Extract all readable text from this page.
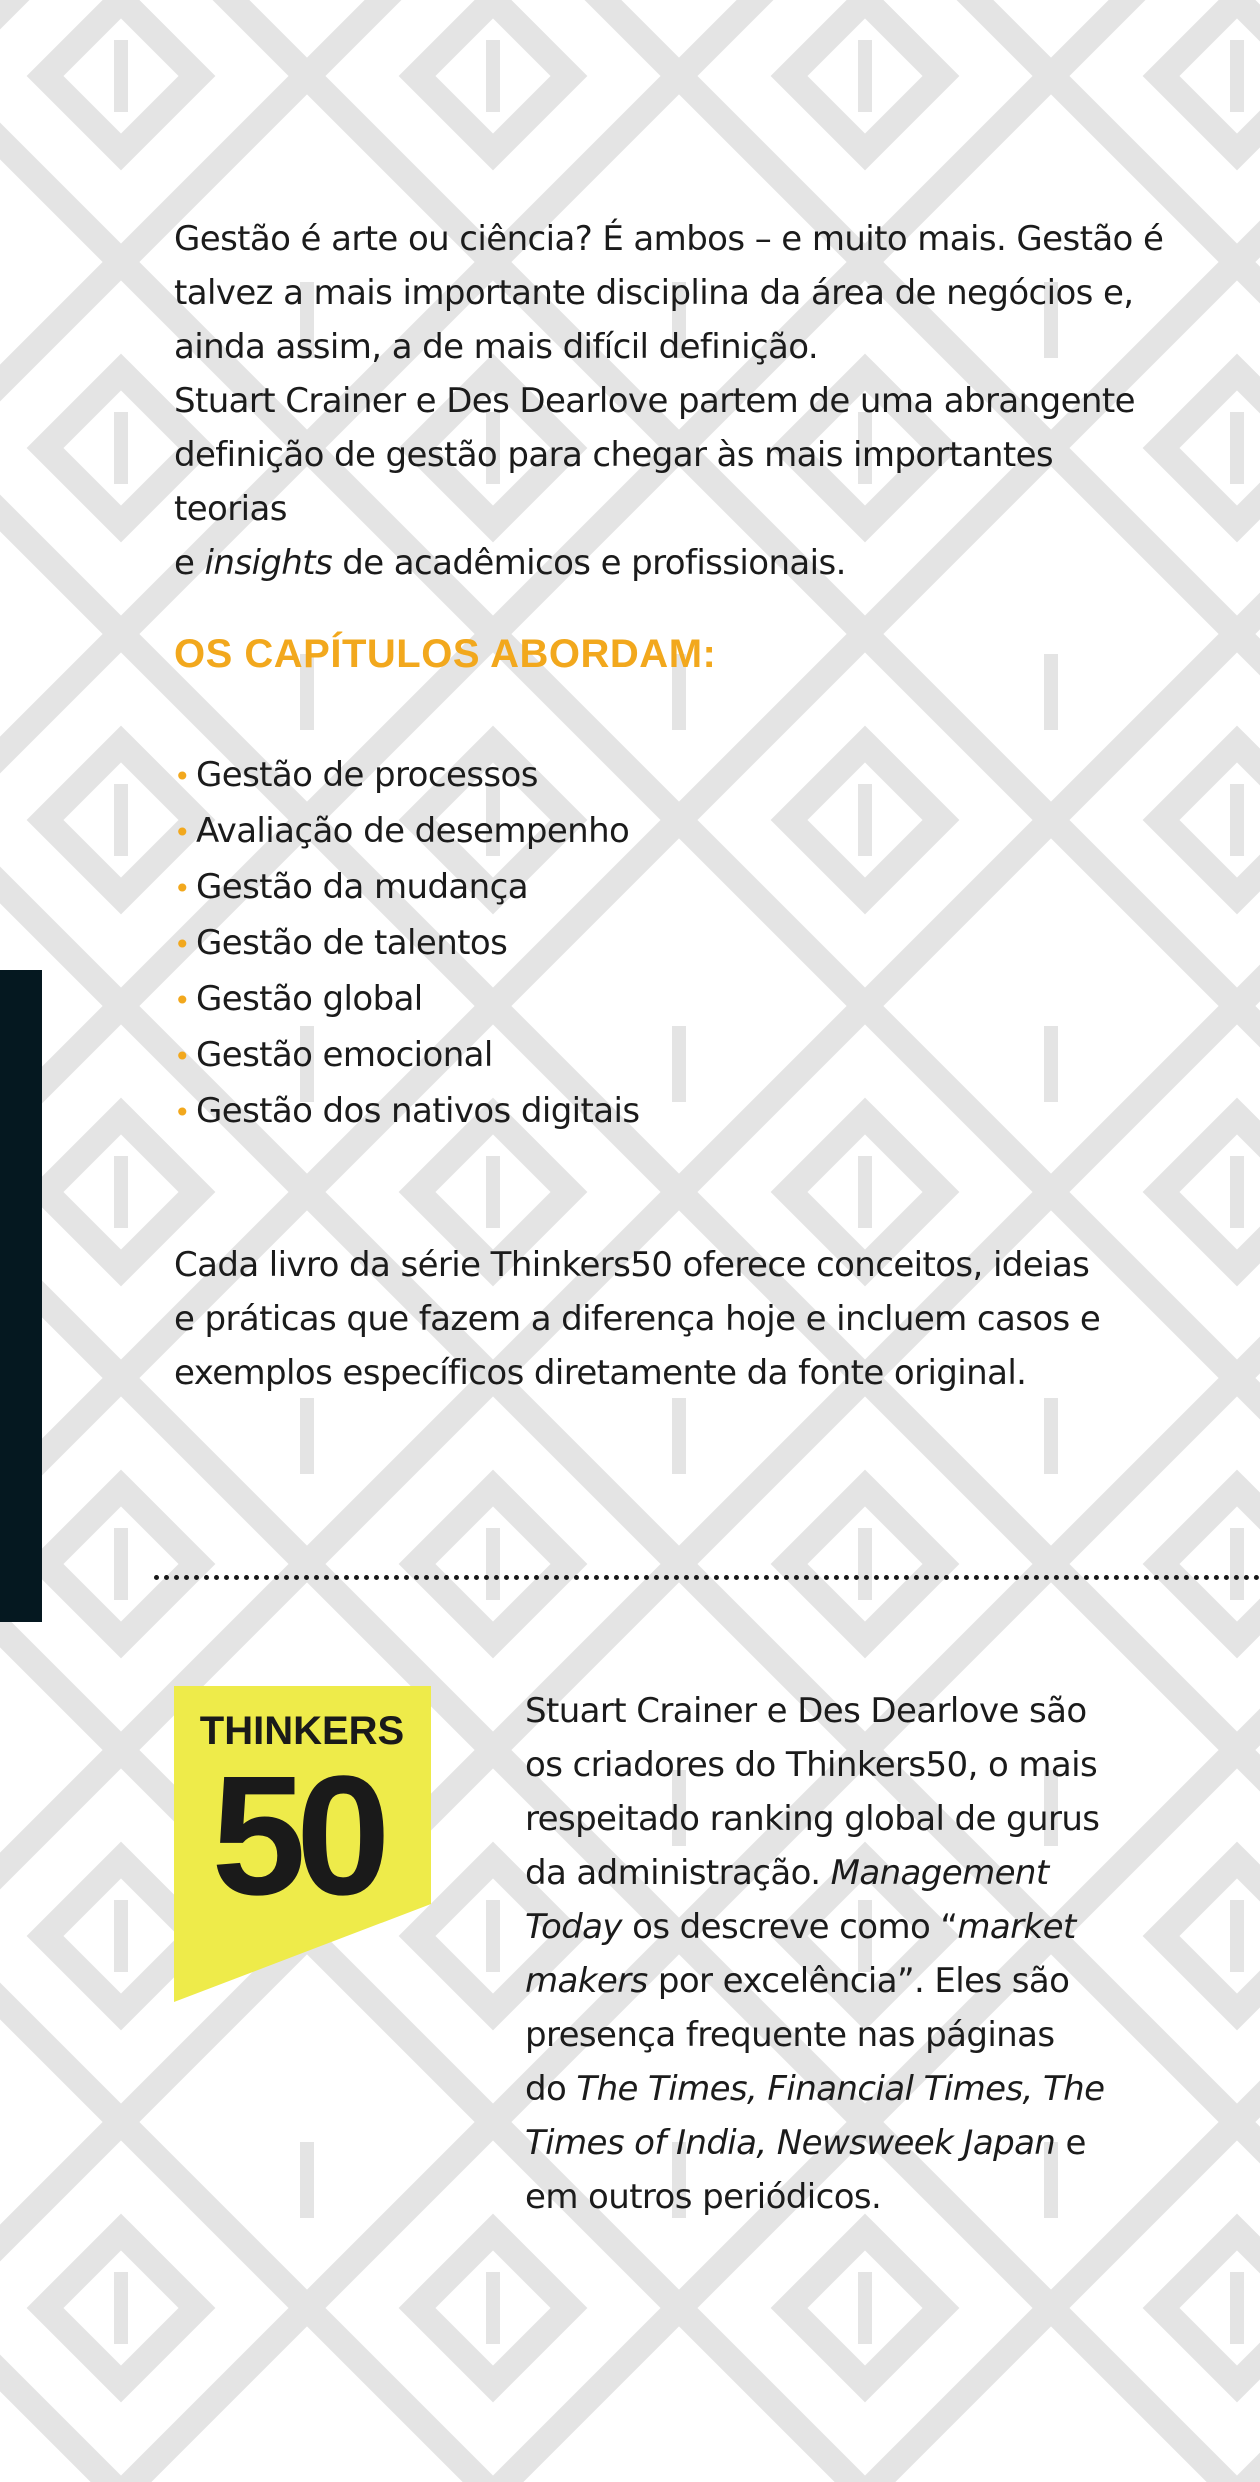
Gestão é arte ou ciência? É ambos – e muito mais. Gestão é

talvez a mais importante disciplina da área de negócios e,

ainda assim, a de mais difícil definição.

Stuart Crainer e Des Dearlove partem de uma abrangente

definição de gestão para chegar às mais importantes teorias

e insights de acadêmicos e profissionais.

OS CAPÍTULOS ABORDAM:
• Gestão de processos
• Avaliação de desempenho
• Gestão da mudança
• Gestão de talentos
• Gestão global
• Gestão emocional
• Gestão dos nativos digitais

Cada livro da série Thinkers50 oferece conceitos, ideias

e práticas que fazem a diferença hoje e incluem casos e

exemplos específicos diretamente da fonte original.

THINKERS
50

Stuart Crainer e Des Dearlove são

os criadores do Thinkers50, o mais

respeitado ranking global de gurus

da administração. Management

Today os descreve como “market

makers por excelência”. Eles são

presença frequente nas páginas

do The Times, Financial Times, The

Times of India, Newsweek Japan e

em outros periódicos.
